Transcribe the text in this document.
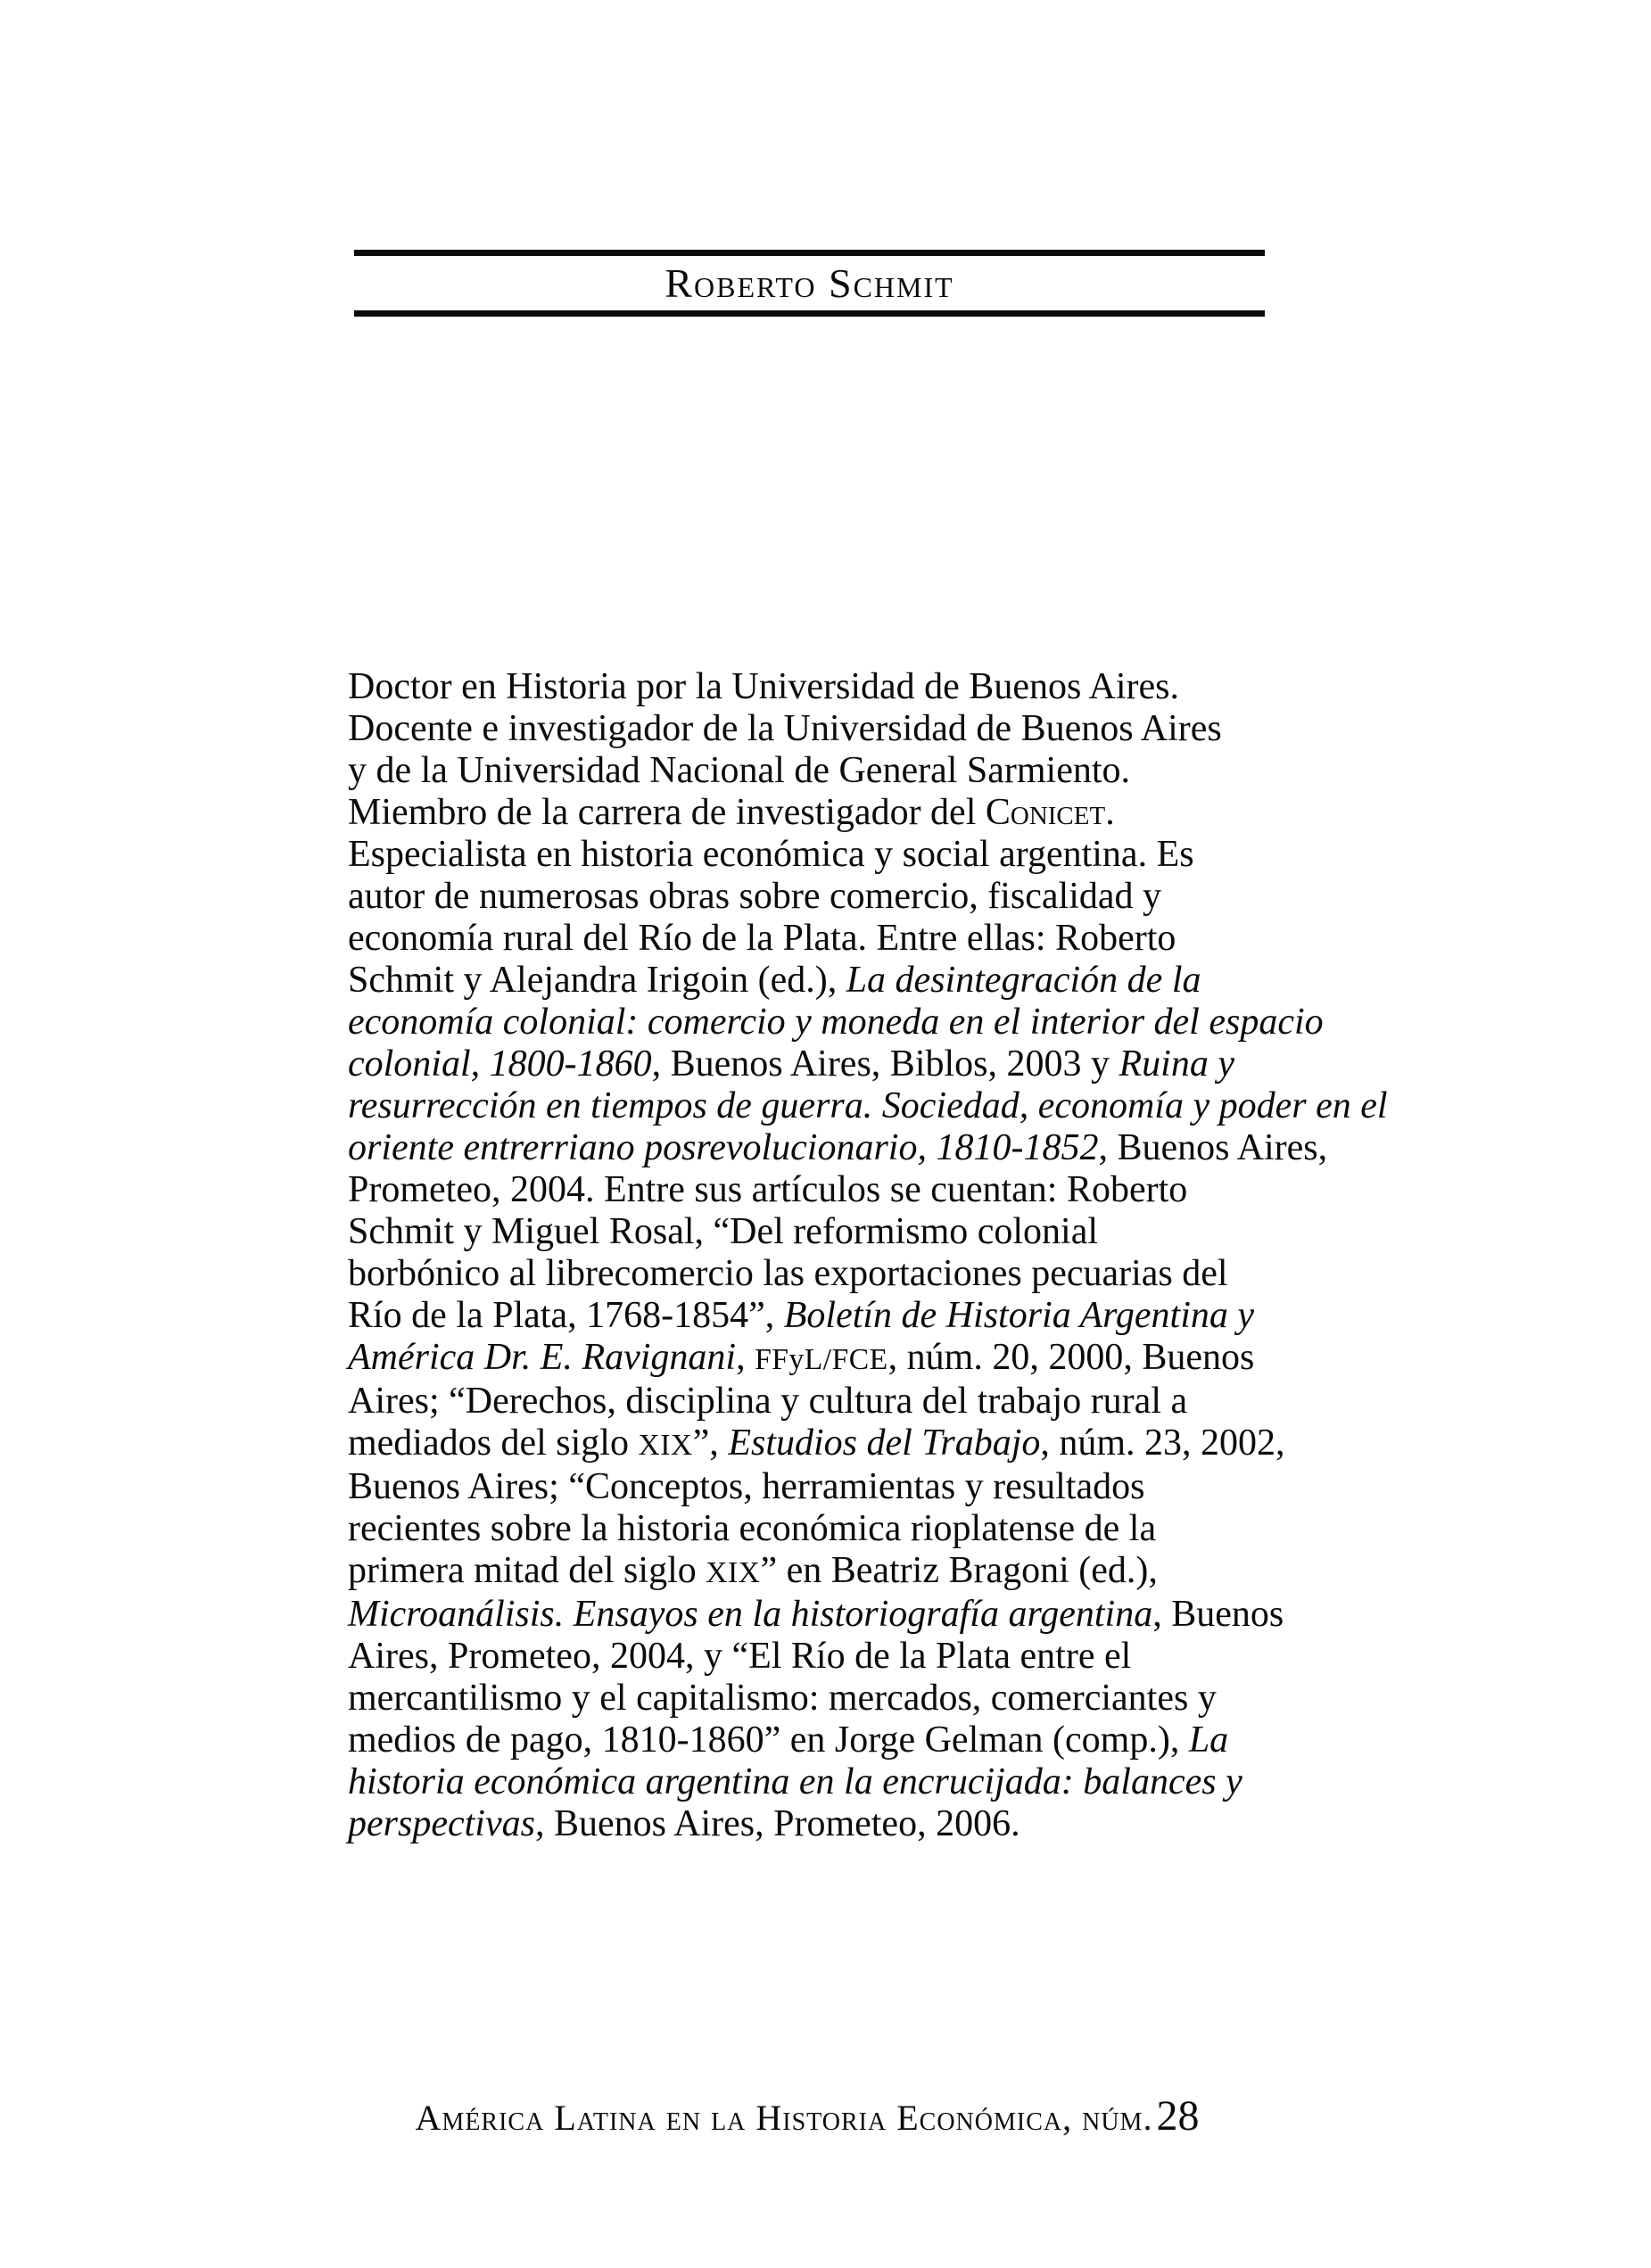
Roberto Schmit
Doctor en Historia por la Universidad de Buenos Aires.
Docente e investigador de la Universidad de Buenos Aires
y de la Universidad Nacional de General Sarmiento.
Miembro de la carrera de investigador del Conicet.
Especialista en historia económica y social argentina. Es
autor de numerosas obras sobre comercio, fiscalidad y
economía rural del Río de la Plata. Entre ellas: Roberto
Schmit y Alejandra Irigoin (ed.), La desintegración de la
economía colonial: comercio y moneda en el interior del espacio
colonial, 1800-1860, Buenos Aires, Biblos, 2003 y Ruina y
resurrección en tiempos de guerra. Sociedad, economía y poder en el
oriente entrerriano posrevolucionario, 1810-1852, Buenos Aires,
Prometeo, 2004. Entre sus artículos se cuentan: Roberto
Schmit y Miguel Rosal, “Del reformismo colonial
borbónico al librecomercio las exportaciones pecuarias del
Río de la Plata, 1768-1854”, Boletín de Historia Argentina y
América Dr. E. Ravignani, FFyL/FCE, núm. 20, 2000, Buenos
Aires; “Derechos, disciplina y cultura del trabajo rural a
mediados del siglo XIX”, Estudios del Trabajo, núm. 23, 2002,
Buenos Aires; “Conceptos, herramientas y resultados
recientes sobre la historia económica rioplatense de la
primera mitad del siglo XIX” en Beatriz Bragoni (ed.),
Microanálisis. Ensayos en la historiografía argentina, Buenos
Aires, Prometeo, 2004, y “El Río de la Plata entre el
mercantilismo y el capitalismo: mercados, comerciantes y
medios de pago, 1810-1860” en Jorge Gelman (comp.), La
historia económica argentina en la encrucijada: balances y
perspectivas, Buenos Aires, Prometeo, 2006.
América Latina en la Historia Económica, núm. 28
